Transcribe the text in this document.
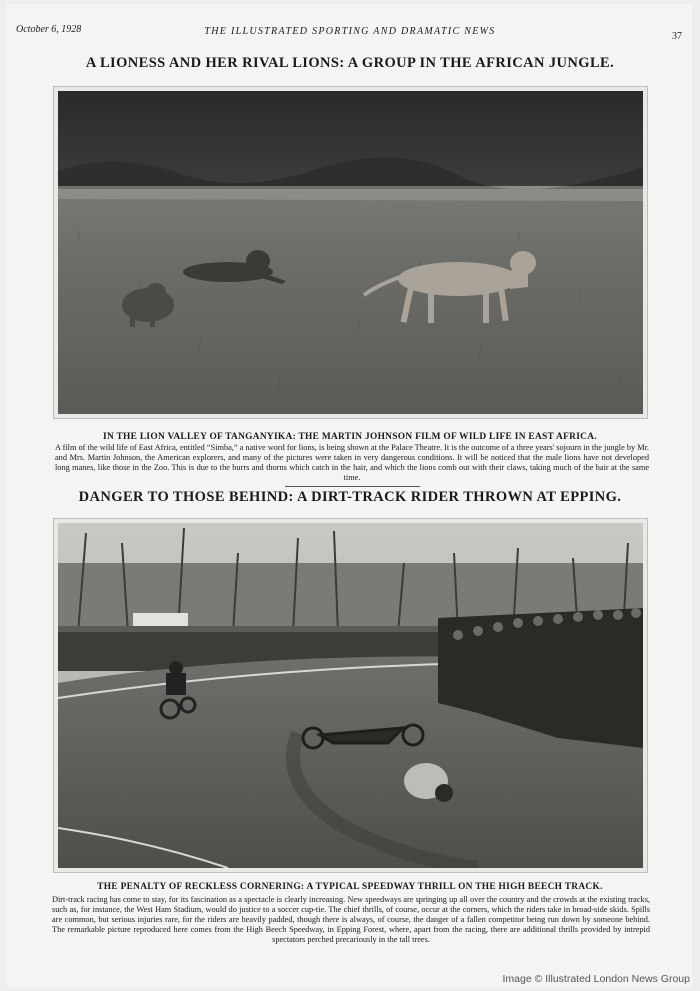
October 6, 1928	THE ILLUSTRATED SPORTING AND DRAMATIC NEWS	37
A LIONESS AND HER RIVAL LIONS: A GROUP IN THE AFRICAN JUNGLE.
IN THE LION VALLEY OF TANGANYIKA: THE MARTIN JOHNSON FILM OF WILD LIFE IN EAST AFRICA.
A film of the wild life of East Africa, entitled “Simba,” a native word for lions, is being shown at the Palace Theatre. It is the outcome of a three years' sojourn in the jungle by Mr. and Mrs. Martin Johnson, the American explorers, and many of the pictures were taken in very dangerous conditions. It will be noticed that the male lions have not developed long manes, like those in the Zoo. This is due to the burrs and thorns which catch in the hair, and which the lions comb out with their claws, taking much of the hair at the same time.
DANGER TO THOSE BEHIND: A DIRT-TRACK RIDER THROWN AT EPPING.
THE PENALTY OF RECKLESS CORNERING: A TYPICAL SPEEDWAY THRILL ON THE HIGH BEECH TRACK.
Dirt-track racing has come to stay, for its fascination as a spectacle is clearly increasing. New speedways are springing up all over the country and the crowds at the existing tracks, such as, for instance, the West Ham Stadium, would do justice to a soccer cup-tie. The chief thrills, of course, occur at the corners, which the riders take in broad-side skids. Spills are common, but serious injuries rare, for the riders are heavily padded, though there is always, of course, the danger of a fallen competitor being run down by someone behind. The remarkable picture reproduced here comes from the High Beech Speedway, in Epping Forest, where, apart from the racing, there are additional thrills provided by intrepid spectators perched precariously in the tall trees.
Image © Illustrated London News Group
